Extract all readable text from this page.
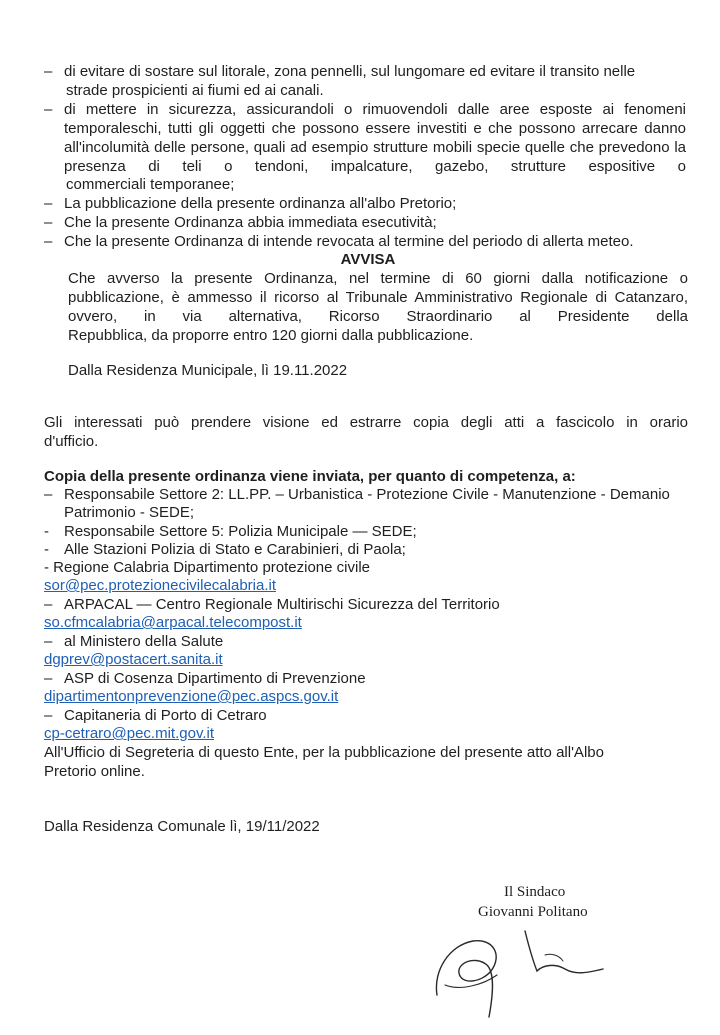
– di evitare di sostare sul litorale, zona pennelli, sul lungomare ed evitare il transito nelle
strade prospicienti ai fiumi ed ai canali.
– di mettere in sicurezza, assicurandoli o rimuovendoli dalle aree esposte ai fenomeni temporaleschi, tutti gli oggetti che possono essere investiti e che possono arrecare danno all'incolumità delle persone, quali ad esempio strutture mobili specie quelle che prevedono la presenza di teli o tendoni, impalcature, gazebo, strutture espositive o
commerciali temporanee;
– La pubblicazione della presente ordinanza all'albo Pretorio;
– Che la presente Ordinanza abbia immediata esecutività;
– Che la presente Ordinanza di intende revocata al termine del periodo di allerta meteo.
AVVISA
Che avverso la presente Ordinanza, nel termine di 60 giorni dalla notificazione o pubblicazione, è ammesso il ricorso al Tribunale Amministrativo Regionale di Catanzaro, ovvero, in via alternativa, Ricorso Straordinario al Presidente della
Repubblica, da proporre entro 120 giorni dalla pubblicazione.
Dalla Residenza Municipale, lì 19.11.2022
Gli interessati può prendere visione ed estrarre copia degli atti a fascicolo in orario
d'ufficio.
Copia della presente ordinanza viene inviata, per quanto di competenza, a:
– Responsabile Settore 2: LL.PP. – Urbanistica - Protezione Civile - Manutenzione - Demanio
Patrimonio - SEDE;
- Responsabile Settore 5: Polizia Municipale — SEDE;
- Alle Stazioni Polizia di Stato e Carabinieri, di Paola;
- Regione Calabria Dipartimento protezione civile
sor@pec.protezionecivilecalabria.it
– ARPACAL — Centro Regionale Multirischi Sicurezza del Territorio
so.cfmcalabria@arpacal.telecompost.it
– al Ministero della Salute
dgprev@postacert.sanita.it
– ASP di Cosenza Dipartimento di Prevenzione
dipartimentonprevenzione@pec.aspcs.gov.it
– Capitaneria di Porto di Cetraro
cp-cetraro@pec.mit.gov.it
All'Ufficio di Segreteria di questo Ente, per la pubblicazione del presente atto all'Albo
Pretorio online.
Dalla Residenza Comunale lì, 19/11/2022
Il Sindaco
Giovanni Politano
